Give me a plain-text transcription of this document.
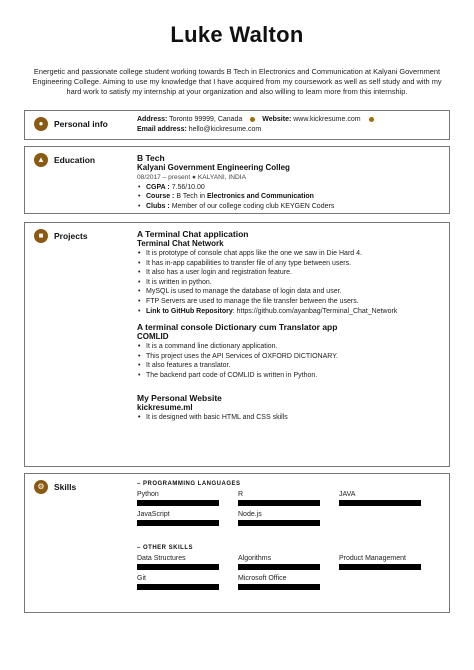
Luke Walton
Energetic and passionate college student working towards B Tech in Electronics and Communication at Kalyani Government Engineering College. Aiming to use my knowledge that I have acquired from my coursework as well as self study and with my hard work to satisfy my internship at your organization and also willing to learn more from this internship.
●	Personal info	Address: Toronto 99999, Canada	Website: www.kickresume.com
Email address: hello@kickresume.com
▲	Education	B Tech
Kalyani Government Engineering Colleg
08/2017 – present ● KALYANI, INDIA
• CGPA : 7.56/10.00
• Course : B Tech in Electronics and Communication
• Clubs : Member of our college coding club KEYGEN Coders
■	Projects	A Terminal Chat application
Terminal Chat Network
• It is prototype of console chat apps like the one we saw in Die Hard 4.
• It has in-app capabilities to transfer file of any type between users.
• It also has a user login and registration feature.
• It is written in python.
• MySQL is used to manage the database of login data and user.
• FTP Servers are used to manage the file transfer between the users.
• Link to GitHub Repository: https://github.com/ayanbag/Terminal_Chat_Network
A terminal console Dictionary cum Translator app
COMLID
• It is a command line dictionary application.
• This project uses the API Services of OXFORD DICTIONARY.
• It also features a translator.
• The backend part code of COMLID is written in Python.
My Personal Website
kickresume.ml
• It is designed with basic HTML and CSS skills
⚙	Skills	– PROGRAMMING LANGUAGES
Python	R	JAVA
JavaScript	Node.js
– OTHER SKILLS
Data Structures	Algorithms	Product Management
Git	Microsoft Office
